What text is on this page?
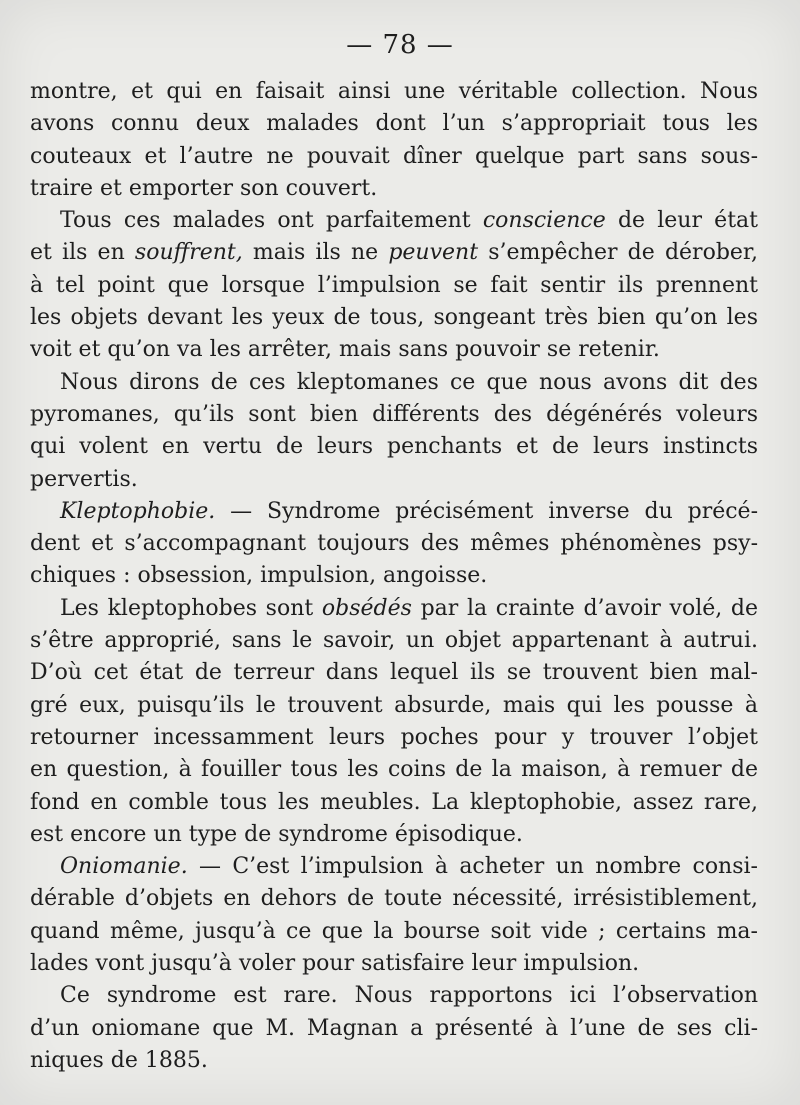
— 78 —
montre, et qui en faisait ainsi une véritable collection. Nous
avons connu deux malades dont l’un s’appropriait tous les
couteaux et l’autre ne pouvait dîner quelque part sans sous-
traire et emporter son couvert.
Tous ces malades ont parfaitement conscience de leur état
et ils en souffrent, mais ils ne peuvent s’empêcher de dérober,
à tel point que lorsque l’impulsion se fait sentir ils prennent
les objets devant les yeux de tous, songeant très bien qu’on les
voit et qu’on va les arrêter, mais sans pouvoir se retenir.
Nous dirons de ces kleptomanes ce que nous avons dit des
pyromanes, qu’ils sont bien différents des dégénérés voleurs
qui volent en vertu de leurs penchants et de leurs instincts
pervertis.
Kleptophobie. — Syndrome précisément inverse du précé-
dent et s’accompagnant toujours des mêmes phénomènes psy-
chiques : obsession, impulsion, angoisse.
Les kleptophobes sont obsédés par la crainte d’avoir volé, de
s’être approprié, sans le savoir, un objet appartenant à autrui.
D’où cet état de terreur dans lequel ils se trouvent bien mal-
gré eux, puisqu’ils le trouvent absurde, mais qui les pousse à
retourner incessamment leurs poches pour y trouver l’objet
en question, à fouiller tous les coins de la maison, à remuer de
fond en comble tous les meubles. La kleptophobie, assez rare,
est encore un type de syndrome épisodique.
Oniomanie. — C’est l’impulsion à acheter un nombre consi-
dérable d’objets en dehors de toute nécessité, irrésistiblement,
quand même, jusqu’à ce que la bourse soit vide ; certains ma-
lades vont jusqu’à voler pour satisfaire leur impulsion.
Ce syndrome est rare. Nous rapportons ici l’observation
d’un oniomane que M. Magnan a présenté à l’une de ses cli-
niques de 1885.
